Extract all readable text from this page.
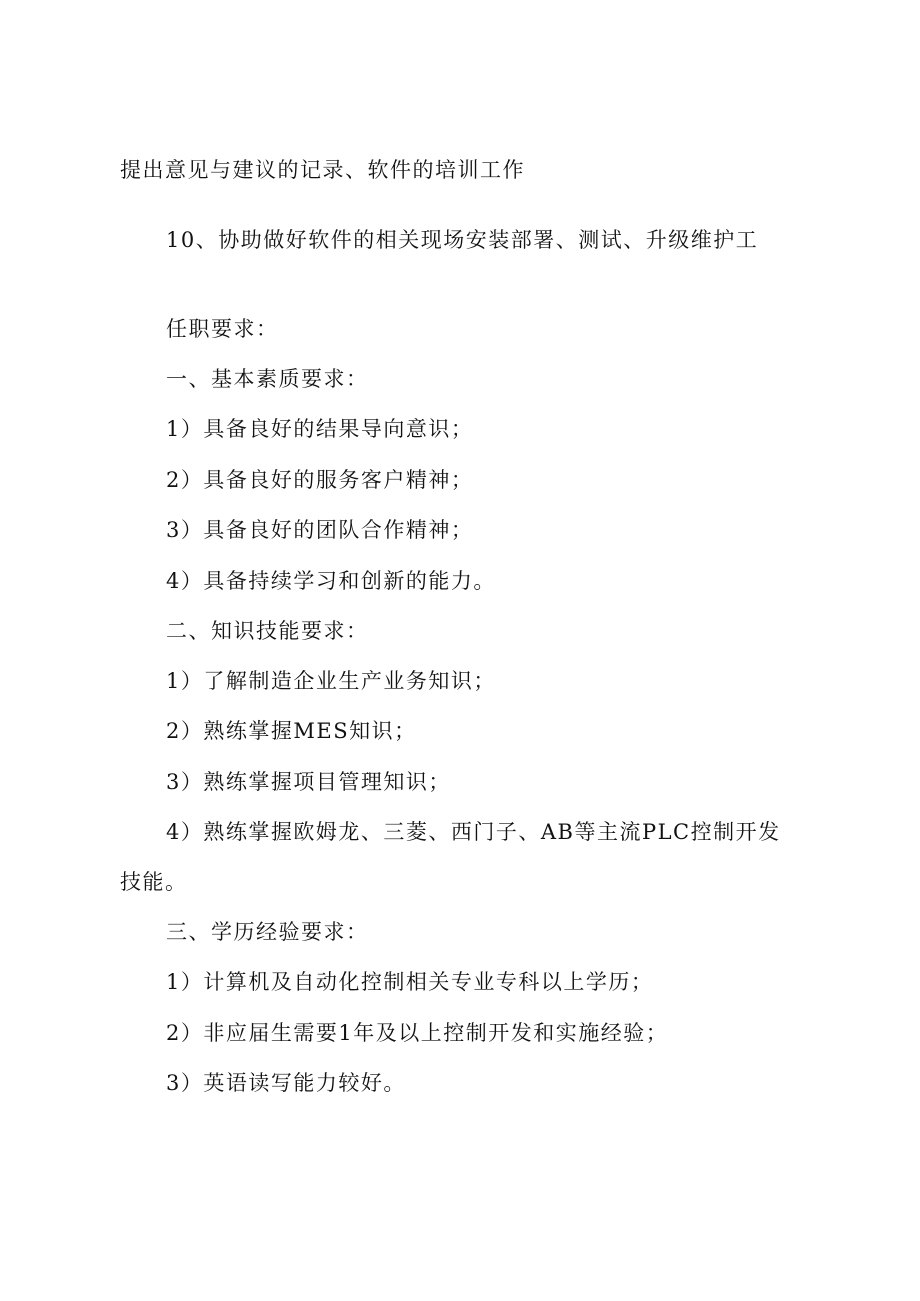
提出意见与建议的记录、软件的培训工作
10、协助做好软件的相关现场安装部署、测试、升级维护工
任职要求：
一、基本素质要求：
1）具备良好的结果导向意识；
2）具备良好的服务客户精神；
3）具备良好的团队合作精神；
4）具备持续学习和创新的能力。
二、知识技能要求：
1）了解制造企业生产业务知识；
2）熟练掌握MES知识；
3）熟练掌握项目管理知识；
4）熟练掌握欧姆龙、三菱、西门子、AB等主流PLC控制开发
技能。
三、学历经验要求：
1）计算机及自动化控制相关专业专科以上学历；
2）非应届生需要1年及以上控制开发和实施经验；
3）英语读写能力较好。
